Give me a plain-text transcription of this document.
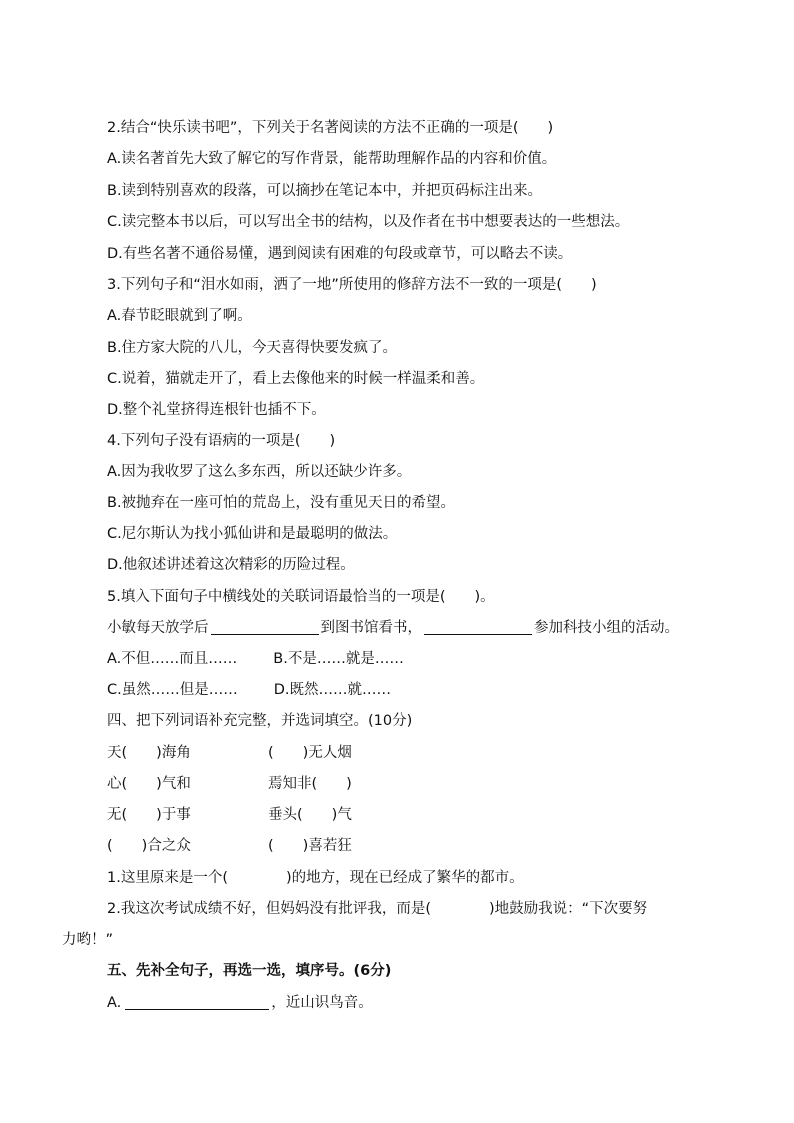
2.结合“快乐读书吧”，下列关于名著阅读的方法不正确的一项是(　　)
A.读名著首先大致了解它的写作背景，能帮助理解作品的内容和价值。
B.读到特别喜欢的段落，可以摘抄在笔记本中，并把页码标注出来。
C.读完整本书以后，可以写出全书的结构，以及作者在书中想要表达的一些想法。
D.有些名著不通俗易懂，遇到阅读有困难的句段或章节，可以略去不读。
3.下列句子和“泪水如雨，洒了一地”所使用的修辞方法不一致的一项是(　　)
A.春节眨眼就到了啊。
B.住方家大院的八儿，今天喜得快要发疯了。
C.说着，猫就走开了，看上去像他来的时候一样温柔和善。
D.整个礼堂挤得连根针也插不下。
4.下列句子没有语病的一项是(　　)
A.因为我收罗了这么多东西，所以还缺少许多。
B.被抛弃在一座可怕的荒岛上，没有重见天日的希望。
C.尼尔斯认为找小狐仙讲和是最聪明的做法。
D.他叙述讲述着这次精彩的历险过程。
5.填入下面句子中横线处的关联词语最恰当的一项是(　　)。
小敏每天放学后	到图书馆看书，	参加科技小组的活动。
A.不但……而且…… B.不是……就是……
C.虽然……但是…… D.既然……就……
四、把下列词语补充完整，并选词填空。(10分)
天(　　)海角	(　　)无人烟
心(　　)气和	焉知非(　　)
无(　　)于事	垂头(　　)气
(　　)合之众	(　　)喜若狂
1.这里原来是一个(　　　　)的地方，现在已经成了繁华的都市。
2.我这次考试成绩不好，但妈妈没有批评我，而是(　　　　)地鼓励我说：“下次要努
力哟！”
五、先补全句子，再选一选，填序号。(6分)
A.	，近山识鸟音。
